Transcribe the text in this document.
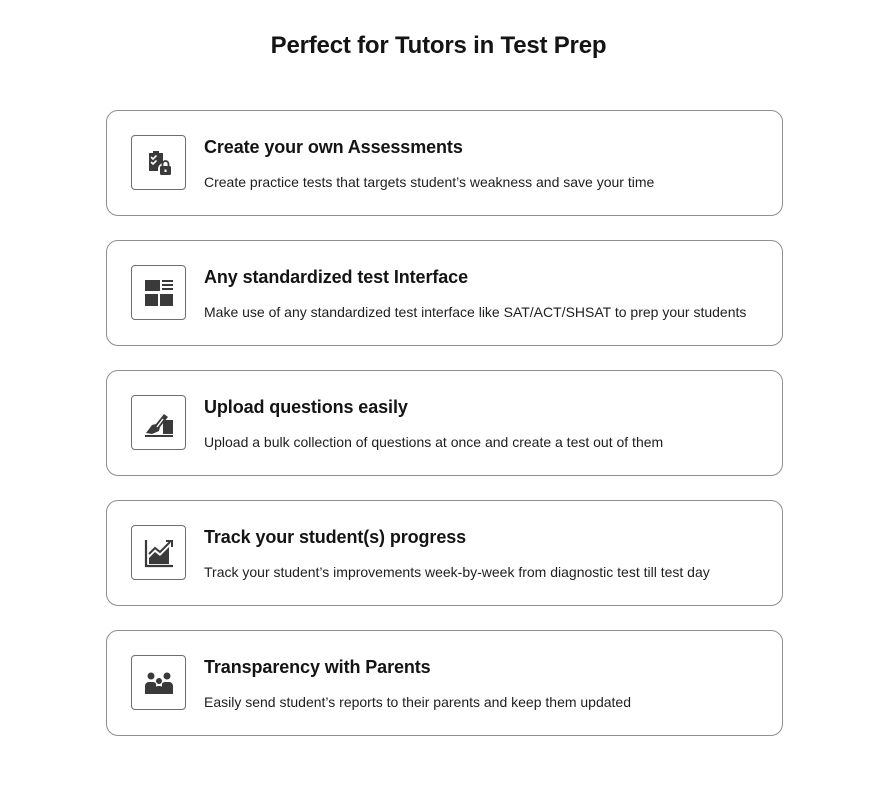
Perfect for Tutors in Test Prep
Create your own Assessments

Create practice tests that targets student’s weakness and save your time

Any standardized test Interface

Make use of any standardized test interface like SAT/ACT/SHSAT to prep your students

Upload questions easily

Upload a bulk collection of questions at once and create a test out of them

Track your student(s) progress

Track your student’s improvements week-by-week from diagnostic test till test day

Transparency with Parents

Easily send student’s reports to their parents and keep them updated
